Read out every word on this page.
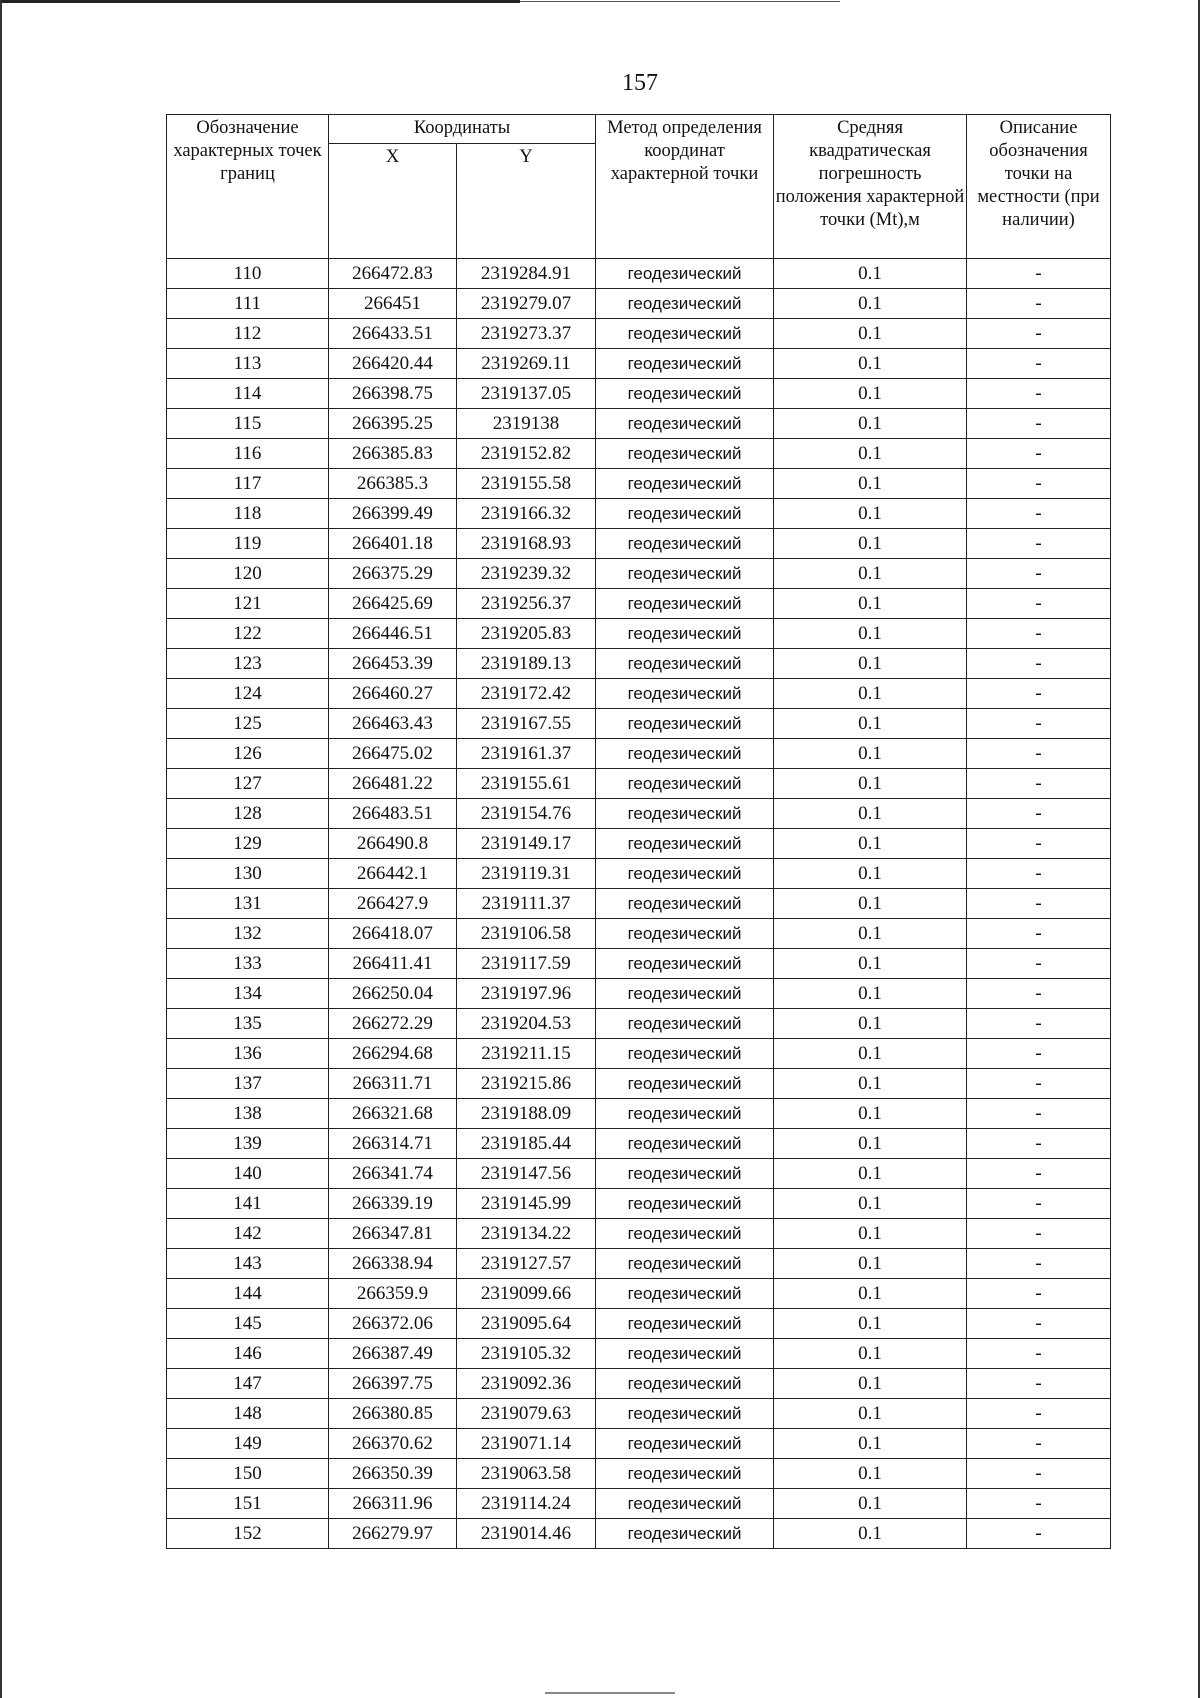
157
Обозначение характерных точек границ	Координаты		Метод определения координат характерной точки	Средняя квадратическая погрешность положения характерной точки (Mt),м	Описание обозначения точки на местности (при наличии)
	X	Y			
110	266472.83	2319284.91	геодезический	0.1	-
111	266451	2319279.07	геодезический	0.1	-
112	266433.51	2319273.37	геодезический	0.1	-
113	266420.44	2319269.11	геодезический	0.1	-
114	266398.75	2319137.05	геодезический	0.1	-
115	266395.25	2319138	геодезический	0.1	-
116	266385.83	2319152.82	геодезический	0.1	-
117	266385.3	2319155.58	геодезический	0.1	-
118	266399.49	2319166.32	геодезический	0.1	-
119	266401.18	2319168.93	геодезический	0.1	-
120	266375.29	2319239.32	геодезический	0.1	-
121	266425.69	2319256.37	геодезический	0.1	-
122	266446.51	2319205.83	геодезический	0.1	-
123	266453.39	2319189.13	геодезический	0.1	-
124	266460.27	2319172.42	геодезический	0.1	-
125	266463.43	2319167.55	геодезический	0.1	-
126	266475.02	2319161.37	геодезический	0.1	-
127	266481.22	2319155.61	геодезический	0.1	-
128	266483.51	2319154.76	геодезический	0.1	-
129	266490.8	2319149.17	геодезический	0.1	-
130	266442.1	2319119.31	геодезический	0.1	-
131	266427.9	2319111.37	геодезический	0.1	-
132	266418.07	2319106.58	геодезический	0.1	-
133	266411.41	2319117.59	геодезический	0.1	-
134	266250.04	2319197.96	геодезический	0.1	-
135	266272.29	2319204.53	геодезический	0.1	-
136	266294.68	2319211.15	геодезический	0.1	-
137	266311.71	2319215.86	геодезический	0.1	-
138	266321.68	2319188.09	геодезический	0.1	-
139	266314.71	2319185.44	геодезический	0.1	-
140	266341.74	2319147.56	геодезический	0.1	-
141	266339.19	2319145.99	геодезический	0.1	-
142	266347.81	2319134.22	геодезический	0.1	-
143	266338.94	2319127.57	геодезический	0.1	-
144	266359.9	2319099.66	геодезический	0.1	-
145	266372.06	2319095.64	геодезический	0.1	-
146	266387.49	2319105.32	геодезический	0.1	-
147	266397.75	2319092.36	геодезический	0.1	-
148	266380.85	2319079.63	геодезический	0.1	-
149	266370.62	2319071.14	геодезический	0.1	-
150	266350.39	2319063.58	геодезический	0.1	-
151	266311.96	2319114.24	геодезический	0.1	-
152	266279.97	2319014.46	геодезический	0.1	-
